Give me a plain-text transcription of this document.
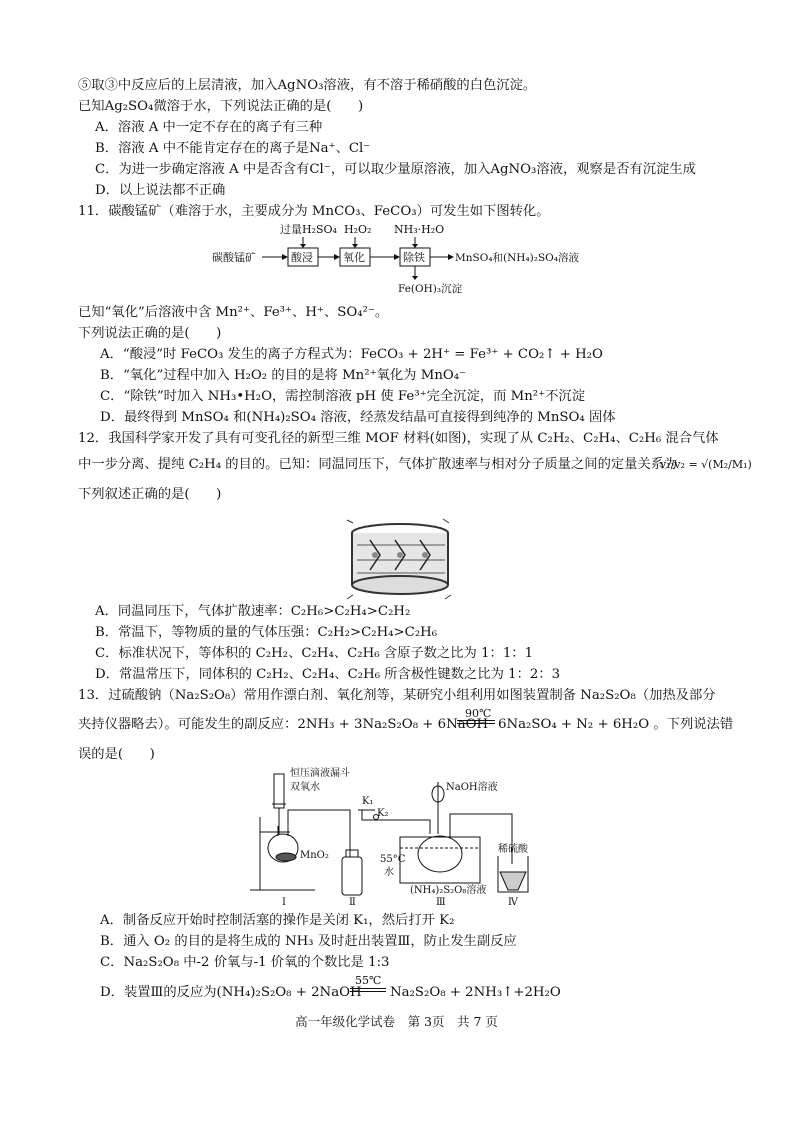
⑤取③中反应后的上层清液，加入AgNO₃溶液，有不溶于稀硝酸的白色沉淀。
已知Ag₂SO₄微溶于水，下列说法正确的是(　　)
A．溶液 A 中一定不存在的离子有三种
B．溶液 A 中不能肯定存在的离子是Na⁺、Cl⁻
C．为进一步确定溶液 A 中是否含有Cl⁻，可以取少量原溶液，加入AgNO₃溶液，观察是否有沉淀生成
D．以上说法都不正确
11．碳酸锰矿（难溶于水，主要成分为 MnCO₃、FeCO₃）可发生如下图转化。
碳酸锰矿	酸浸
过量H₂SO₄
氧化
H₂O₂
除铁
NH₃·H₂O
MnSO₄和(NH₄)₂SO₄溶液
Fe(OH)₃沉淀
已知“氧化”后溶液中含 Mn²⁺、Fe³⁺、H⁺、SO₄²⁻。
下列说法正确的是(　　)
A．“酸浸”时 FeCO₃ 发生的离子方程式为：FeCO₃ + 2H⁺ = Fe³⁺ + CO₂↑ + H₂O
B．“氧化”过程中加入 H₂O₂ 的目的是将 Mn²⁺氧化为 MnO₄⁻
C．“除铁”时加入 NH₃•H₂O，需控制溶液 pH 使 Fe³⁺完全沉淀，而 Mn²⁺不沉淀
D．最终得到 MnSO₄ 和(NH₄)₂SO₄ 溶液，经蒸发结晶可直接得到纯净的 MnSO₄ 固体
12．我国科学家开发了具有可变孔径的新型三维 MOF 材料(如图)，实现了从 C₂H₂、C₂H₄、C₂H₆ 混合气体
中一步分离、提纯 C₂H₄ 的目的。已知：同温同压下，气体扩散速率与相对分子质量之间的定量关系为
v₁/v₂ = √(M₂/M₁)
下列叙述正确的是(　　)
A．同温同压下，气体扩散速率：C₂H₆>C₂H₄>C₂H₂
B．常温下，等物质的量的气体压强：C₂H₂>C₂H₄>C₂H₆
C．标准状况下，等体积的 C₂H₂、C₂H₄、C₂H₆ 含原子数之比为 1：1：1
D．常温常压下，同体积的 C₂H₂、C₂H₄、C₂H₆ 所含极性键数之比为 1：2：3
13．过硫酸钠（Na₂S₂O₈）常用作漂白剂、氧化剂等，某研究小组利用如图装置制备 Na₂S₂O₈（加热及部分
夹持仪器略去）。可能发生的副反应：2NH₃ + 3Na₂S₂O₈ + 6NaOH
90℃
6Na₂SO₄ + N₂ + 6H₂O 。下列说法错
误的是(　　)
恒压滴液漏斗
双氧水
MnO₂
K₁
K₂
NaOH溶液
55°C
水
(NH₄)₂S₂O₈溶液
稀硫酸
Ⅰ	Ⅱ	Ⅲ	Ⅳ
A．制备反应开始时控制活塞的操作是关闭 K₁，然后打开 K₂
B．通入 O₂ 的目的是将生成的 NH₃ 及时赶出装置Ⅲ，防止发生副反应
C．Na₂S₂O₈ 中-2 价氧与-1 价氧的个数比是 1:3
D．装置Ⅲ的反应为(NH₄)₂S₂O₈ + 2NaOH
55℃
Na₂S₂O₈ + 2NH₃↑+2H₂O
高一年级化学试卷　第 3页　共 7 页
